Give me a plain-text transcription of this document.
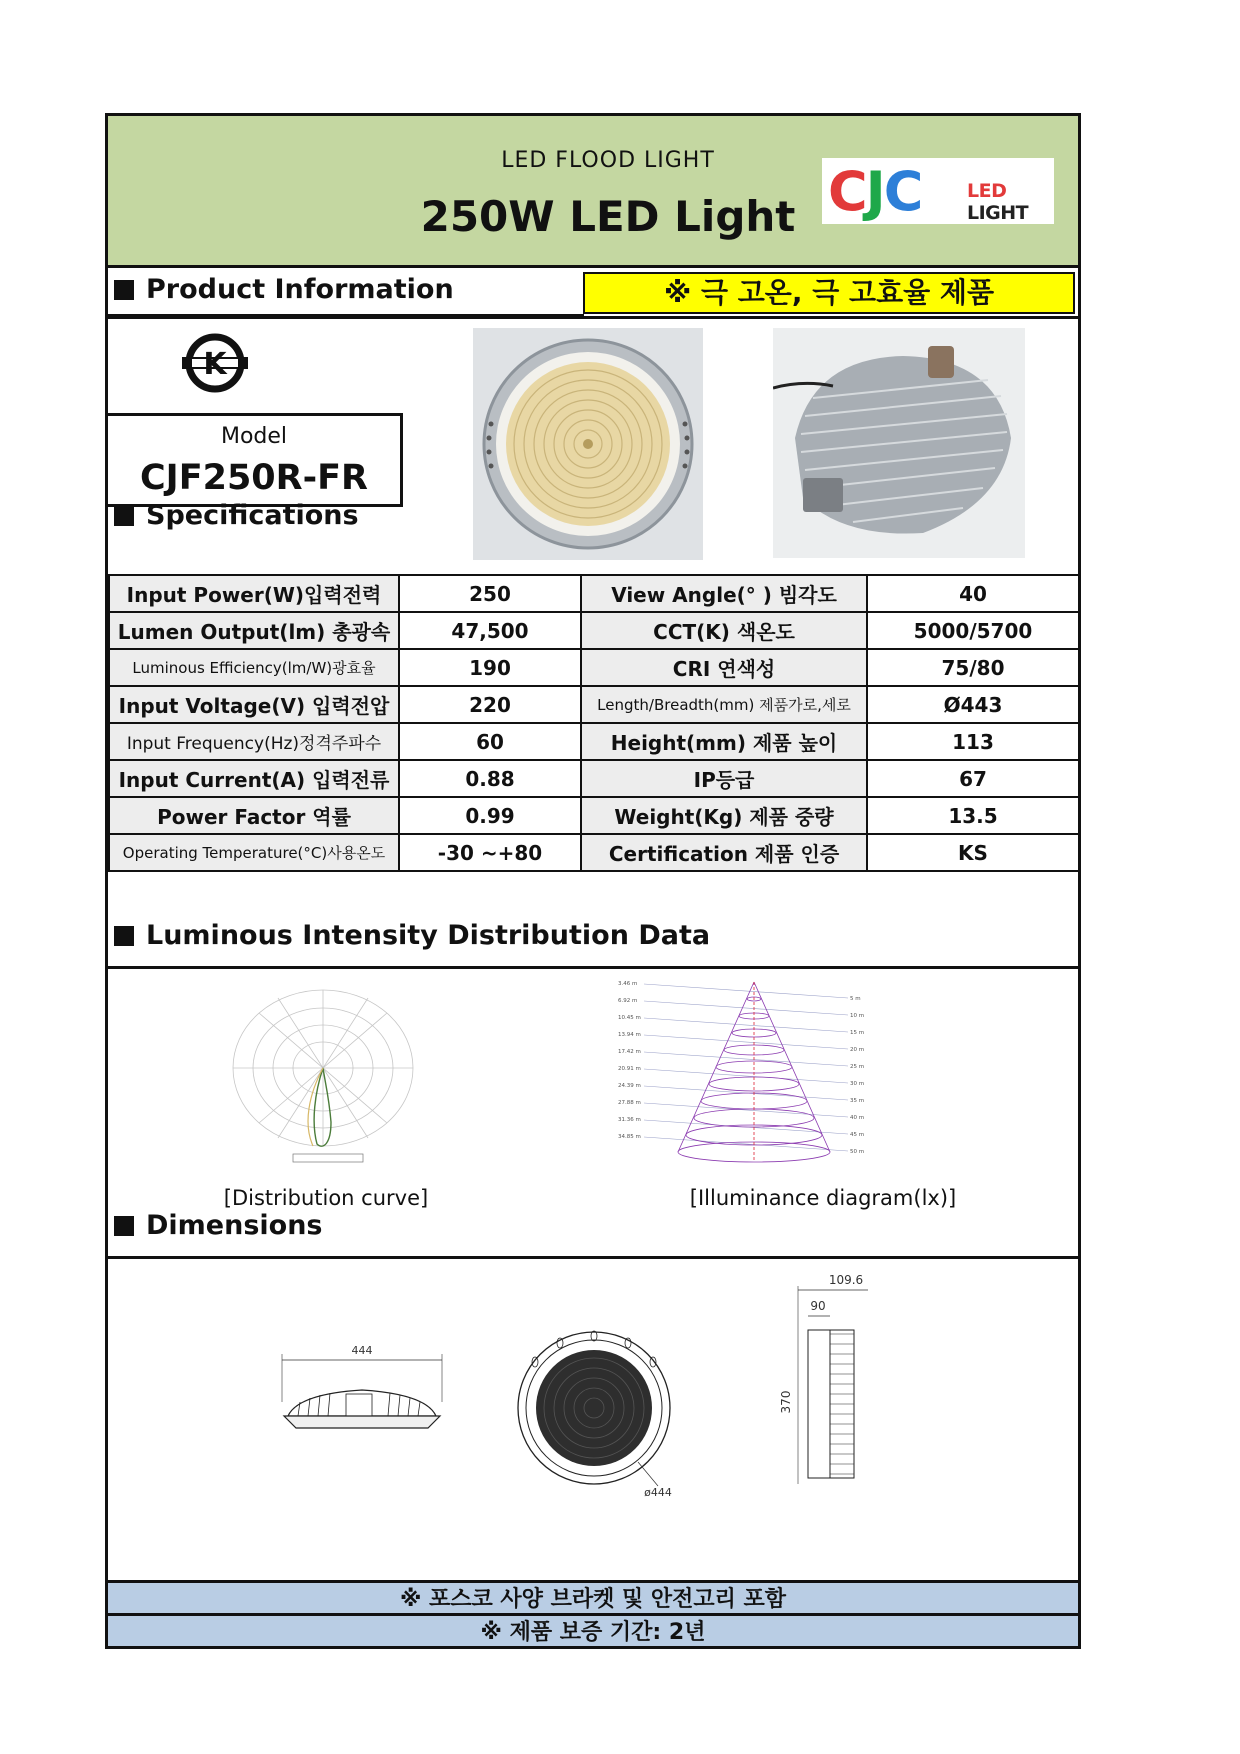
LED FLOOD LIGHT
250W LED Light CJC LED LIGHT
Product Information	※ 극 고온, 극 고효율 제품
K
Model
CJF250R-FR
Specifications
Input Power(W)입력전력	250	View Angle(° ) 빔각도	40
Lumen Output(lm) 총광속	47,500	CCT(K) 색온도	5000/5700
Luminous Efficiency(lm/W)광효율	190	CRI 연색성	75/80
Input Voltage(V) 입력전압	220	Length/Breadth(mm) 제품가로,세로	Ø443
Input Frequency(Hz)정격주파수	60	Height(mm) 제품 높이	113
Input Current(A) 입력전류	0.88	IP등급	67
Power Factor 역률	0.99	Weight(Kg) 제품 중량	13.5
Operating Temperature(°C)사용온도	-30 ~+80	Certification 제품 인증	KS
Luminous Intensity Distribution Data
[Distribution curve]
3.46 m
6.92 m
10.45 m
13.94 m
17.42 m
20.91 m
24.39 m
27.88 m
31.36 m
34.85 m
5 m
10 m
15 m
20 m
25 m
30 m
35 m
40 m
45 m
50 m
[Illuminance diagram(lx)]
Dimensions
444
ø444
109.6
90
370
※ 포스코 사양 브라켓 및 안전고리 포함
※ 제품 보증 기간: 2년
